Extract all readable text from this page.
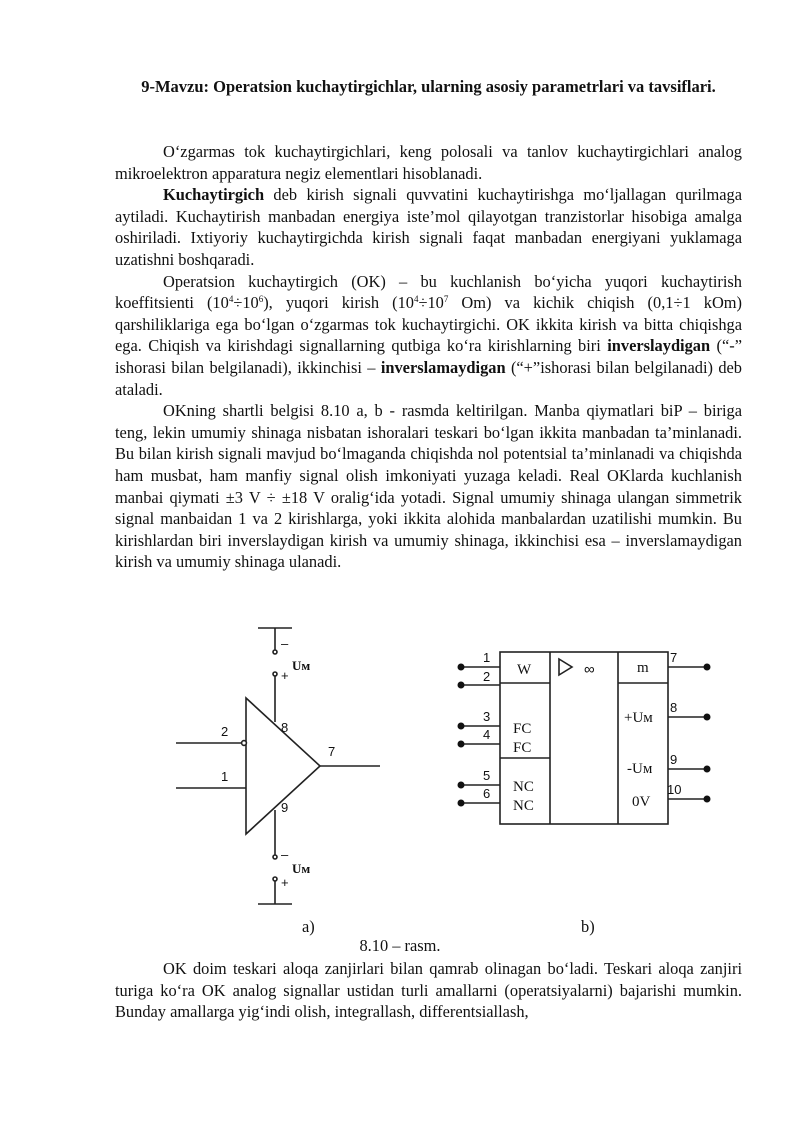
9-Mavzu: Operatsion kuchaytirgichlar, ularning asosiy parametrlari va tavsiflari.

O‘zgarmas tok kuchaytirgichlari, keng polosali va tanlov kuchaytirgichlari analog mikroelektron apparatura negiz elementlari hisoblanadi.

Kuchaytirgich deb kirish signali quvvatini kuchaytirishga mo‘ljallagan qurilmaga aytiladi. Kuchaytirish manbadan energiya iste’mol qilayotgan tranzistorlar hisobiga amalga oshiriladi. Ixtiyoriy kuchaytirgichda kirish signali faqat manbadan energiyani yuklamaga uzatishni boshqaradi.

Operatsion kuchaytirgich (OK) – bu kuchlanish bo‘yicha yuqori kuchaytirish koeffitsienti $(10^4\div 10^6)$, yuqori kirish ($10^4\div 10^7$ Om) va kichik chiqish (0,1÷1 kOm) qarshiliklariga ega bo‘lgan o‘zgarmas tok kuchaytirgichi. OK ikkita kirish va bitta chiqishga ega. Chiqish va kirishdagi signallarning qutbiga ko‘ra kirishlarning biri inverslaydigan (“-” ishorasi bilan belgilanadi), ikkinchisi – inverslamaydigan (“+”ishorasi bilan belgilanadi) deb ataladi.

OKning shartli belgisi 8.10 a, b - rasmda keltirilgan. Manba qiymatlari biP – biriga teng, lekin umumiy shinaga nisbatan ishoralari teskari bo‘lgan ikkita manbadan ta’minlanadi. Bu bilan kirish signali mavjud bo‘lmaganda chiqishda nol potentsial ta’minlanadi va chiqishda ham musbat, ham manfiy signal olish imkoniyati yuzaga keladi. Real OKlarda kuchlanish manbai qiymati ±3 V ÷ ±18 V oralig‘ida yotadi. Signal umumiy shinaga ulangan simmetrik signal manbaidan 1 va 2 kirishlarga, yoki ikkita alohida manbalardan uzatilishi mumkin. Bu kirishlardan biri inverslaydigan kirish va umumiy shinaga, ikkinchisi esa – inverslamaydigan kirish va umumiy shinaga ulanadi.

–
+
Uм
8
2
1
7
9
–
+
Uм
1
2
3
4
5
6
7
8
9
10
W	∞
FC
FC
NC
NC
m
+Uм
-Uм
0V
a)	b)
8.10 – rasm.

OK doim teskari aloqa zanjirlari bilan qamrab olinagan bo‘ladi. Teskari aloqa zanjiri turiga ko‘ra OK analog signallar ustidan turli amallarni (operatsiyalarni) bajarishi mumkin. Bunday amallarga yig‘indi olish, integrallash, differentsiallash,
